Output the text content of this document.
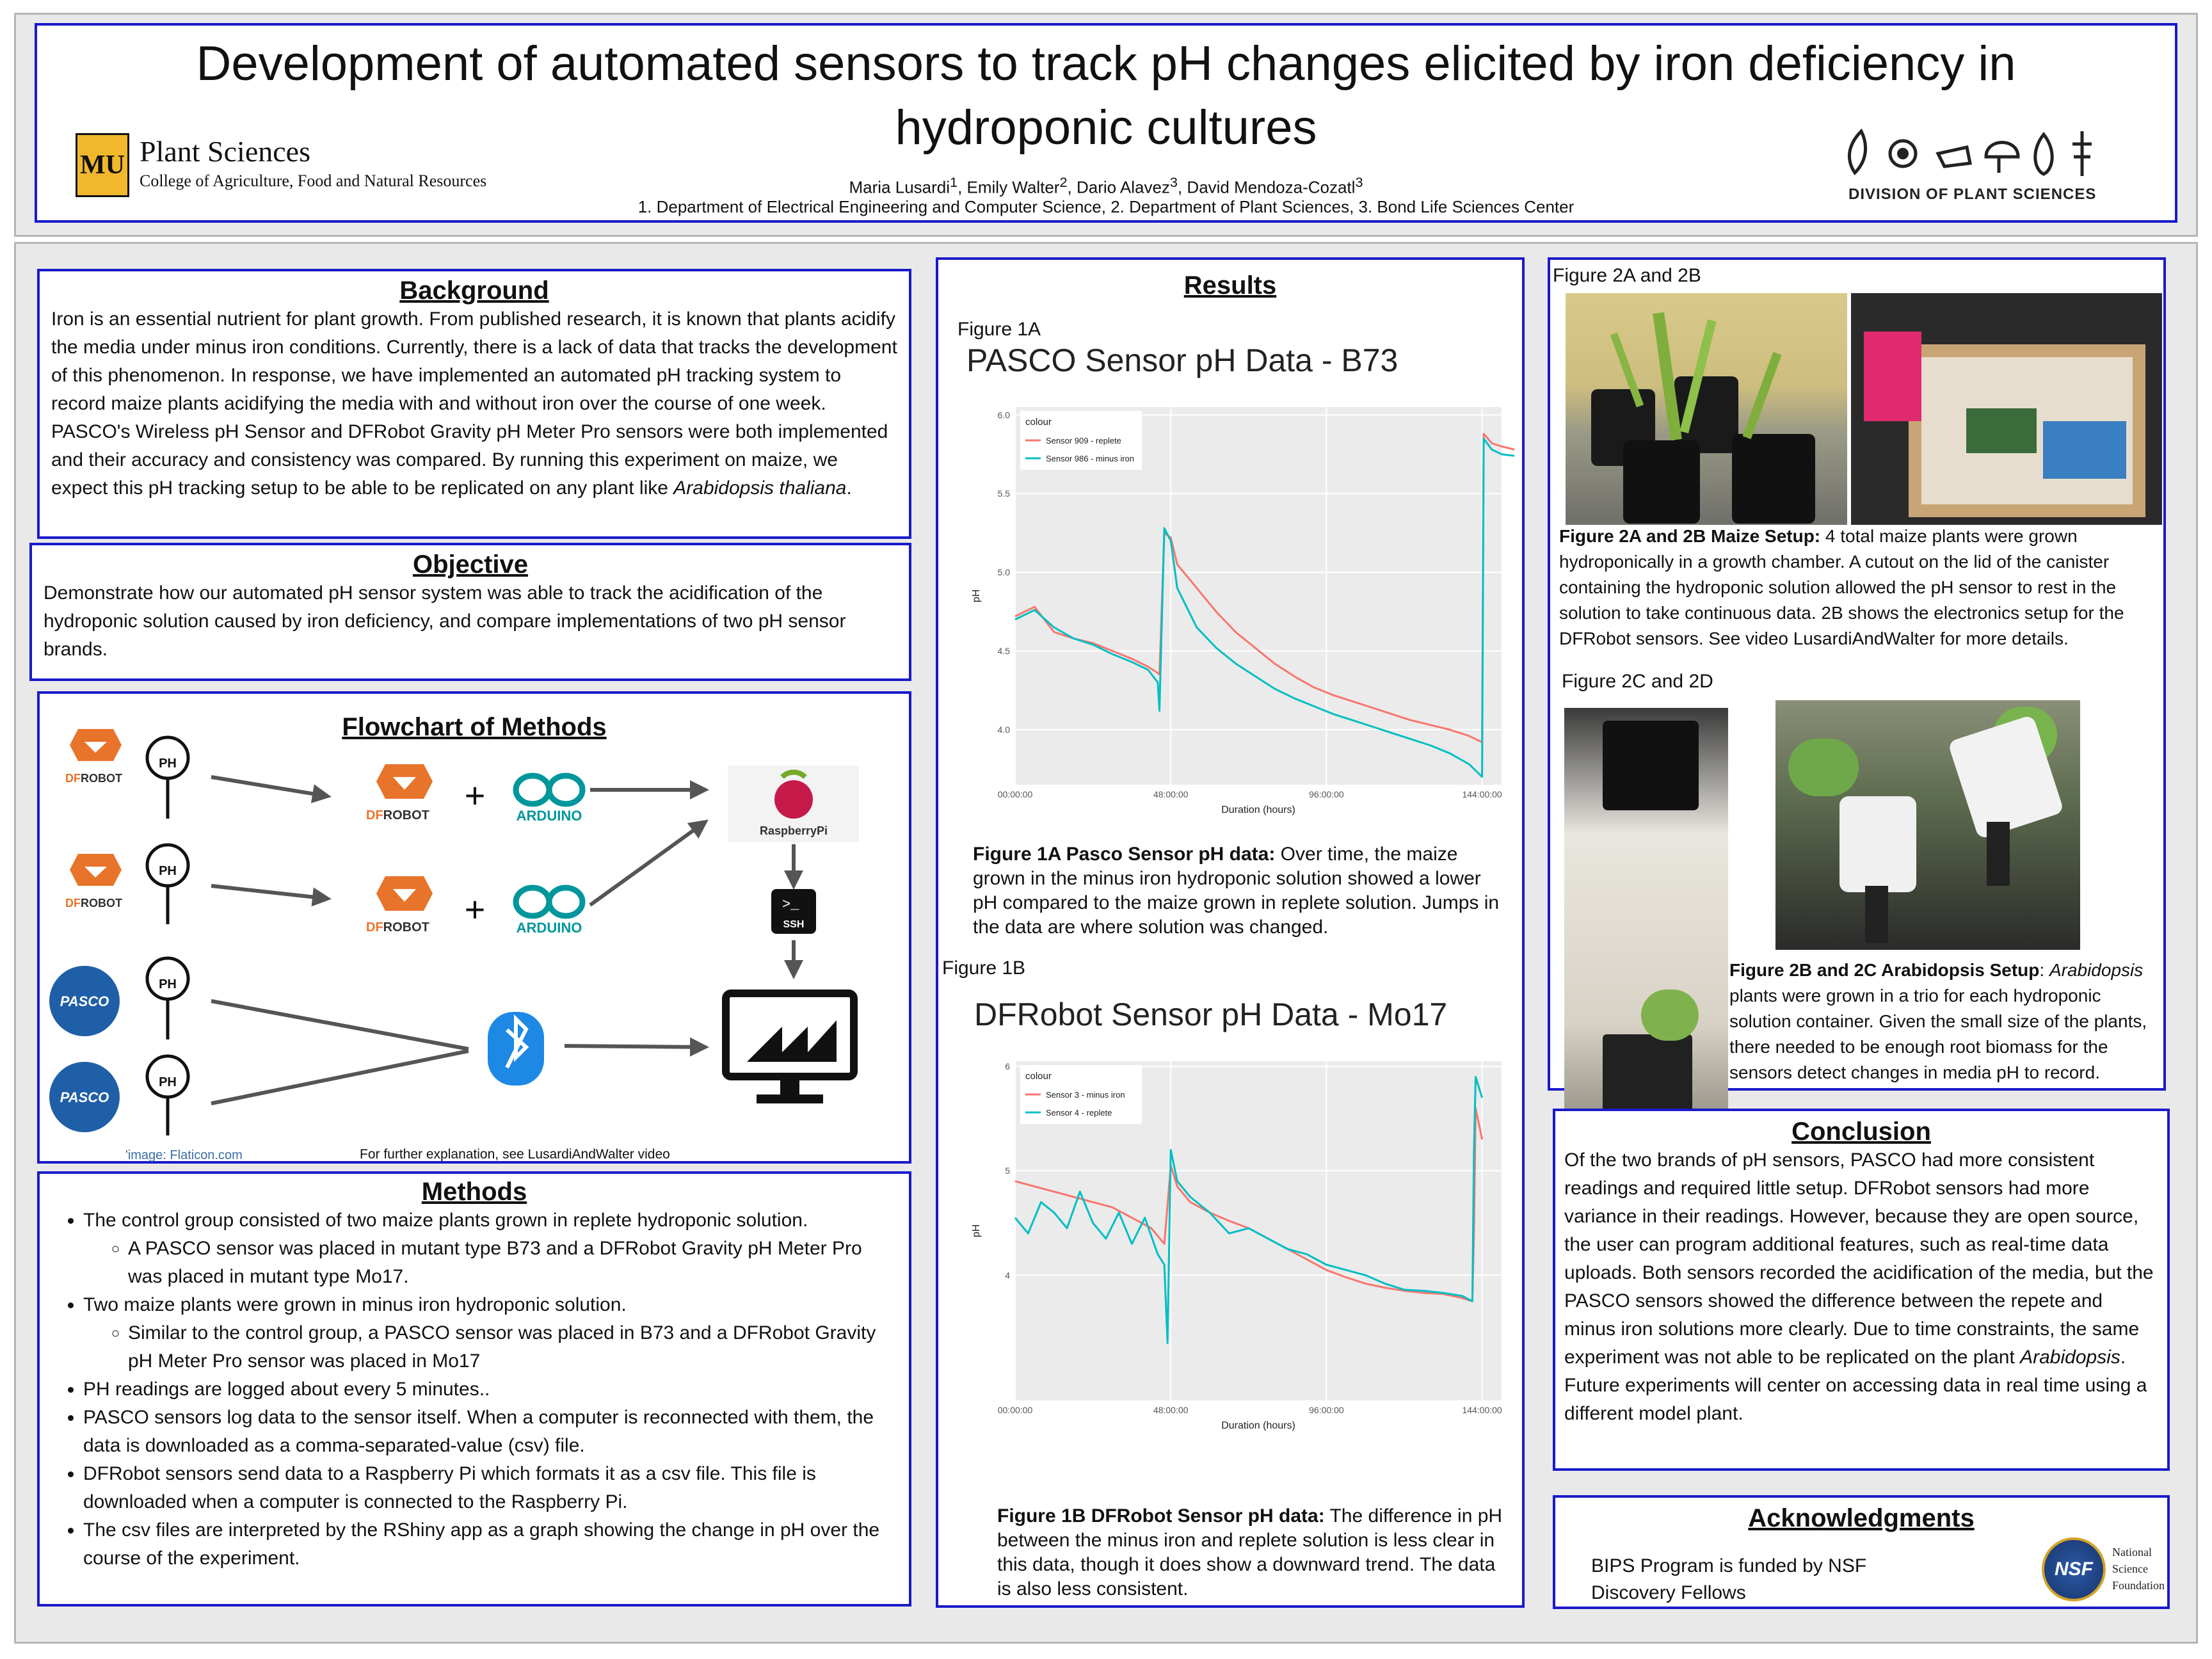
Development of automated sensors to track pH changes elicited by iron deficiency in
hydroponic cultures
Maria Lusardi$^1$, Emily Walter$^2$, Dario Alavez$^3$, David Mendoza-Cozatl$^3$
1. Department of Electrical Engineering and Computer Science, 2. Department of Plant Sciences, 3. Bond Life Sciences Center
MU Plant Sciences
College of Agriculture, Food and Natural Resources
DIVISION OF PLANT SCIENCES
Background
Iron is an essential nutrient for plant growth. From published research, it is known that plants acidify the media under minus iron conditions. Currently, there is a lack of data that tracks the development of this phenomenon. In response, we have implemented an automated pH tracking system to record maize plants acidifying the media with and without iron over the course of one week. PASCO's Wireless pH Sensor and DFRobot Gravity pH Meter Pro sensors were both implemented and their accuracy and consistency was compared. By running this experiment on maize, we expect this pH tracking setup to be able to be replicated on any plant like Arabidopsis thaliana.
Objective
Demonstrate how our automated pH sensor system was able to track the acidification of the hydroponic solution caused by iron deficiency, and compare implementations of two pH sensor brands.
Flowchart of Methods
DFROBOT
DFROBOT
PASCO
PASCO
PH
PH
PH
PH
DFROBOT
DFROBOT
+
+
ARDUINO
ARDUINO
RaspberryPi
>_
SSH
'image: Flaticon.com	For further explanation, see LusardiAndWalter video
Methods
• The control group consisted of two maize plants grown in replete hydroponic solution.
◦ A PASCO sensor was placed in mutant type B73 and a DFRobot Gravity pH Meter Pro was placed in mutant type Mo17.
• Two maize plants were grown in minus iron hydroponic solution.
◦ Similar to the control group, a PASCO sensor was placed in B73 and a DFRobot Gravity pH Meter Pro sensor was placed in Mo17
• PH readings are logged about every 5 minutes..
• PASCO sensors log data to the sensor itself. When a computer is reconnected with them, the data is downloaded as a comma-separated-value (csv) file.
• DFRobot sensors send data to a Raspberry Pi which formats it as a csv file. This file is downloaded when a computer is connected to the Raspberry Pi.
• The csv files are interpreted by the RShiny app as a graph showing the change in pH over the course of the experiment.
Results
Figure 1A
PASCO Sensor pH Data - B73
4.0
4.5
5.0
5.5
6.0
00:00:00	48:00:00	96:00:00	144:00:00
Duration (hours)
pH
colour
Sensor 909 - replete
Sensor 986 - minus iron
Figure 1A Pasco Sensor pH data: Over time, the maize grown in the minus iron hydroponic solution showed a lower pH compared to the maize grown in replete solution. Jumps in the data are where solution was changed.
Figure 1B
DFRobot Sensor pH Data - Mo17
4
5
6
00:00:00	48:00:00	96:00:00	144:00:00
Duration (hours)
pH
colour
Sensor 3 - minus iron
Sensor 4 - replete
Figure 1B DFRobot Sensor pH data: The difference in pH between the minus iron and replete solution is less clear in this data, though it does show a downward trend. The data is also less consistent.
Figure 2A and 2B
Figure 2A and 2B Maize Setup: 4 total maize plants were grown hydroponically in a growth chamber. A cutout on the lid of the canister containing the hydroponic solution allowed the pH sensor to rest in the solution to take continuous data. 2B shows the electronics setup for the DFRobot sensors. See video LusardiAndWalter for more details.
Figure 2C and 2D
Figure 2B and 2C Arabidopsis Setup: Arabidopsis plants were grown in a trio for each hydroponic solution container. Given the small size of the plants, there needed to be enough root biomass for the sensors detect changes in media pH to record.
Conclusion
Of the two brands of pH sensors, PASCO had more consistent readings and required little setup. DFRobot sensors had more variance in their readings. However, because they are open source, the user can program additional features, such as real-time data uploads. Both sensors recorded the acidification of the media, but the PASCO sensors showed the difference between the repete and minus iron solutions more clearly. Due to time constraints, the same experiment was not able to be replicated on the plant Arabidopsis. Future experiments will center on accessing data in real time using a different model plant.
Acknowledgments
BIPS Program is funded by NSF Discovery Fellows
NSF
National Science Foundation
